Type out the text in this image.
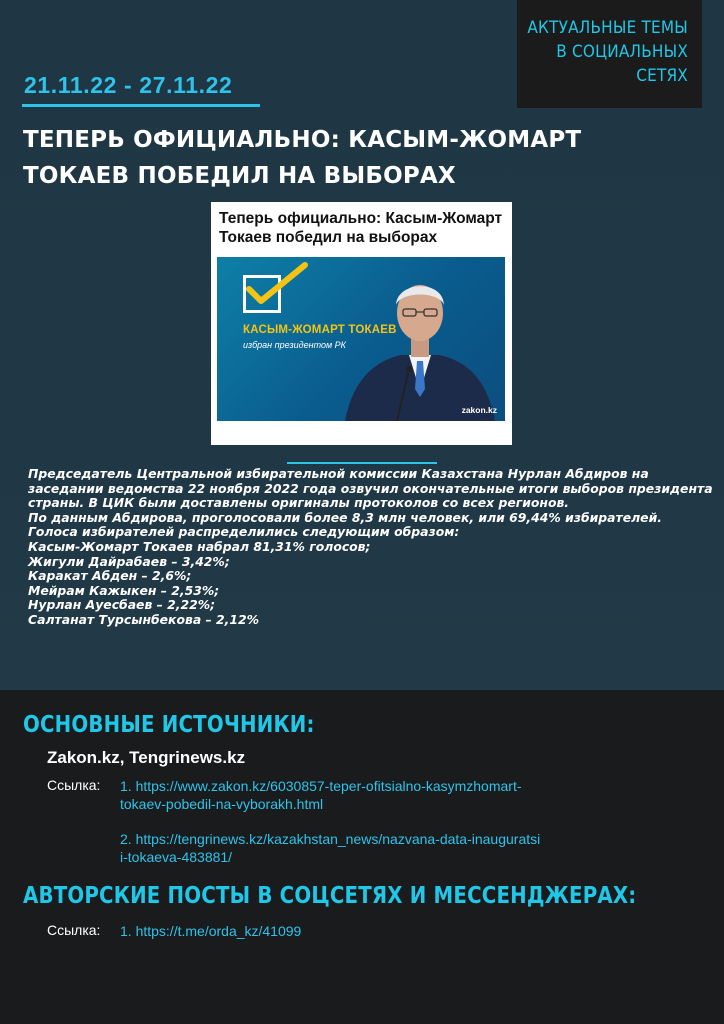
АКТУАЛЬНЫЕ ТЕМЫ
В СОЦИАЛЬНЫХ
СЕТЯХ
21.11.22 - 27.11.22
ТЕПЕРЬ ОФИЦИАЛЬНО: КАСЫМ-ЖОМАРТ ТОКАЕВ ПОБЕДИЛ НА ВЫБОРАХ
Теперь официально: Касым-Жомарт Токаев победил на выборах
КАСЫМ-ЖОМАРТ ТОКАЕВ
избран президентом РК
zakon.kz

Председатель Центральной избирательной комиссии Казахстана Нурлан Абдиров на заседании ведомства 22 ноября 2022 года озвучил окончательные итоги выборов президента страны. В ЦИК были доставлены оригиналы протоколов со всех регионов.

По данным Абдирова, проголосовали более 8,3 млн человек, или 69,44% избирателей.

Голоса избирателей распределились следующим образом:

Касым-Жомарт Токаев набрал 81,31% голосов;

Жигули Дайрабаев – 3,42%;

Каракат Абден – 2,6%;

Мейрам Кажыкен – 2,53%;

Нурлан Ауесбаев – 2,22%;

Салтанат Турсынбекова – 2,12%

ОСНОВНЫЕ ИСТОЧНИКИ:
Zakon.kz, Tengrinews.kz
Ссылка: 1. https://www.zakon.kz/6030857-teper-ofitsialno-kasymzhomart-
tokaev-pobedil-na-vyborakh.html
2. https://tengrinews.kz/kazakhstan_news/nazvana-data-inauguratsi
i-tokaeva-483881/
АВТОРСКИЕ ПОСТЫ В СОЦСЕТЯХ И МЕССЕНДЖЕРАХ:
Ссылка: 1. https://t.me/orda_kz/41099
